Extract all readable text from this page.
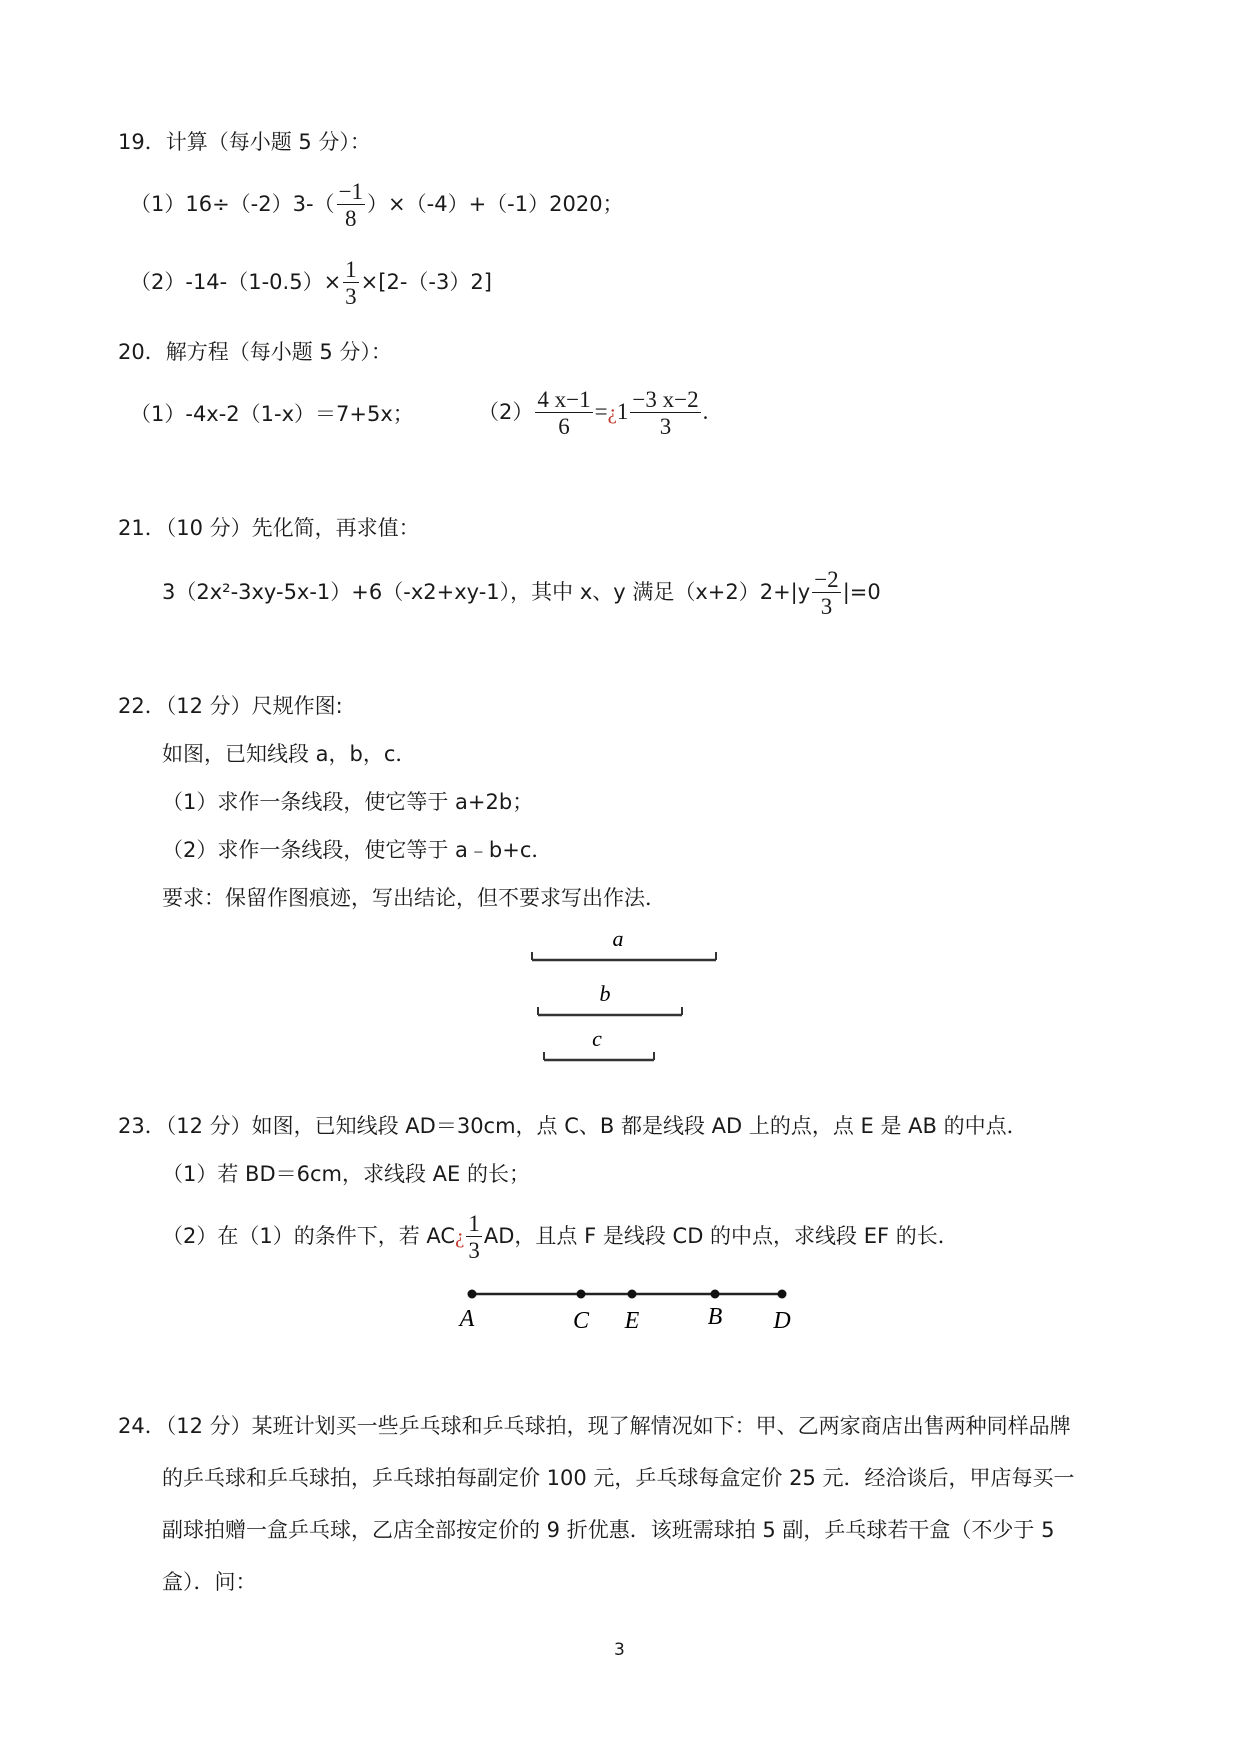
19．计算（每小题 5 分）：
$(1)16\div(-2)3-( \frac{-1}{8} )\times(-4)+(-1)2020$；
$(2)-14-(1-0.5)\times \frac{1}{3} \times[2-(-3)2]$
20．解方程（每小题 5 分）：
（1）-4x-2（1-x）＝7+5x；	$(2) \frac{4 x-1}{6}$ =¿1 $\frac{-3 x-2}{3}$ .
21．（10 分）先化简，再求值：
3（2x²-3xy-5x-1）+6（-x2+xy-1），其中 x、y 满足$(x+2)2+|y \frac{-2}{3} |=0$
22．（12 分）尺规作图:
如图，已知线段 a，b，c．
（1）求作一条线段，使它等于 a+2b；
（2）求作一条线段，使它等于 a﹣b+c．
要求：保留作图痕迹，写出结论，但不要求写出作法．
a
b
c
23．（12 分）如图，已知线段 AD＝30cm，点 C、B 都是线段 AD 上的点，点 E 是 AB 的中点．
（1）若 BD＝6cm，求线段 AE 的长；
（2）在（1）的条件下，若 AC¿ $\frac{1}{3}$ AD，且点 F 是线段 CD 的中点，求线段 EF 的长．
A	C E	B D
24．（12 分）某班计划买一些乒乓球和乒乓球拍，现了解情况如下：甲、乙两家商店出售两种同样品牌
的乒乓球和乒乓球拍，乒乓球拍每副定价 100 元，乒乓球每盒定价 25 元．经洽谈后，甲店每买一
副球拍赠一盒乒乓球，乙店全部按定价的 9 折优惠．该班需球拍 5 副，乒乓球若干盒（不少于 5
盒）．问：
3
